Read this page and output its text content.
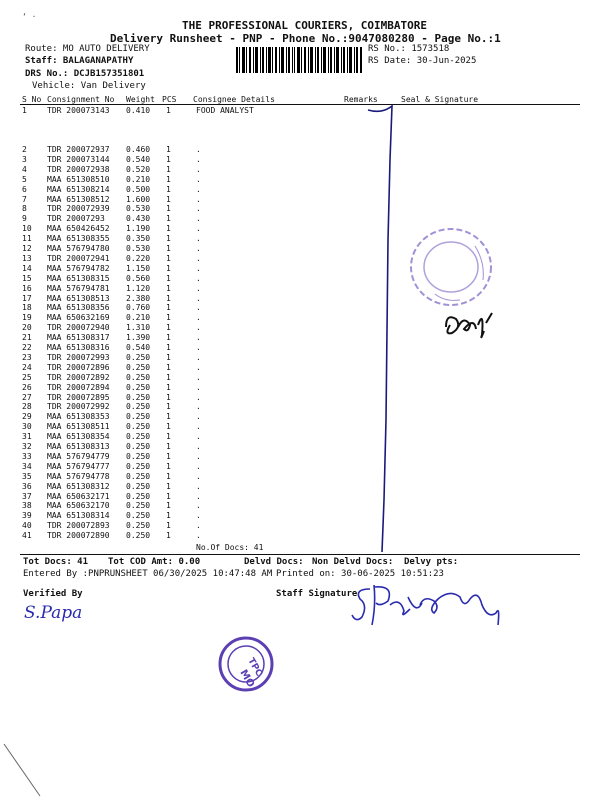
‘ ·
THE PROFESSIONAL COURIERS, COIMBATORE
Delivery Runsheet - PNP - Phone No.:9047080280 - Page No.:1
Route: MO AUTO DELIVERY
Staff: BALAGANAPATHY
DRS No.: DCJB157351801
Vehicle: Van Delivery
RS No.: 1573518
RS Date: 30-Jun-2025
S No Consignment No Weight PCS Consignee Details	Remarks	Seal & Signature
1	TDR 200073143 0.410 1	FOOD ANALYST
2	TDR 200072937 0.460 1	.
3	TDR 200073144 0.540 1	.
4	TDR 200072938 0.520 1	.
5	MAA 651308510 0.210 1	.
6	MAA 651308214 0.500 1	.
7	MAA 651308512 1.600 1	.
8	TDR 200072939 0.530 1	.
9	TDR 20007293	0.430 1	.
10 MAA 650426452 1.190 1	.
11 MAA 651308355 0.350 1	.
12 MAA 576794780 0.530 1	.
13 TDR 200072941 0.220 1	.
14 MAA 576794782 1.150 1	.
15 MAA 651308315 0.560 1	.
16 MAA 576794781 1.120 1	.
17 MAA 651308513 2.380 1	.
18 MAA 651308356 0.760 1	.
19 MAA 650632169 0.210 1	.
20 TDR 200072940 1.310 1	.
21 MAA 651308317 1.390 1	.
22 MAA 651308316 0.540 1	.
23 TDR 200072993 0.250 1	.
24 TDR 200072896 0.250 1	.
25 TDR 200072892 0.250 1	.
26 TDR 200072894 0.250 1	.
27 TDR 200072895 0.250 1	.
28 TDR 200072992 0.250 1	.
29 MAA 651308353 0.250 1	.
30 MAA 651308511 0.250 1	.
31 MAA 651308354 0.250 1	.
32 MAA 651308313 0.250 1	.
33 MAA 576794779 0.250 1	.
34 MAA 576794777 0.250 1	.
35 MAA 576794778 0.250 1	.
36 MAA 651308312 0.250 1	.
37 MAA 650632171 0.250 1	.
38 MAA 650632170 0.250 1	.
39 MAA 651308314 0.250 1	.
40 TDR 200072893 0.250 1	.
41 TDR 200072890 0.250 1	.
No.Of Docs: 41
Tot Docs: 41 Tot COD Amt: 0.00	Delvd Docs: Non Delvd Docs: Delvy pts:
Entered By :PNPRUNSHEET 06/30/2025 10:47:48 AM Printed on: 30-06-2025 10:51:23
Verified By	Staff Signature
S.Papa
TPC
MO
